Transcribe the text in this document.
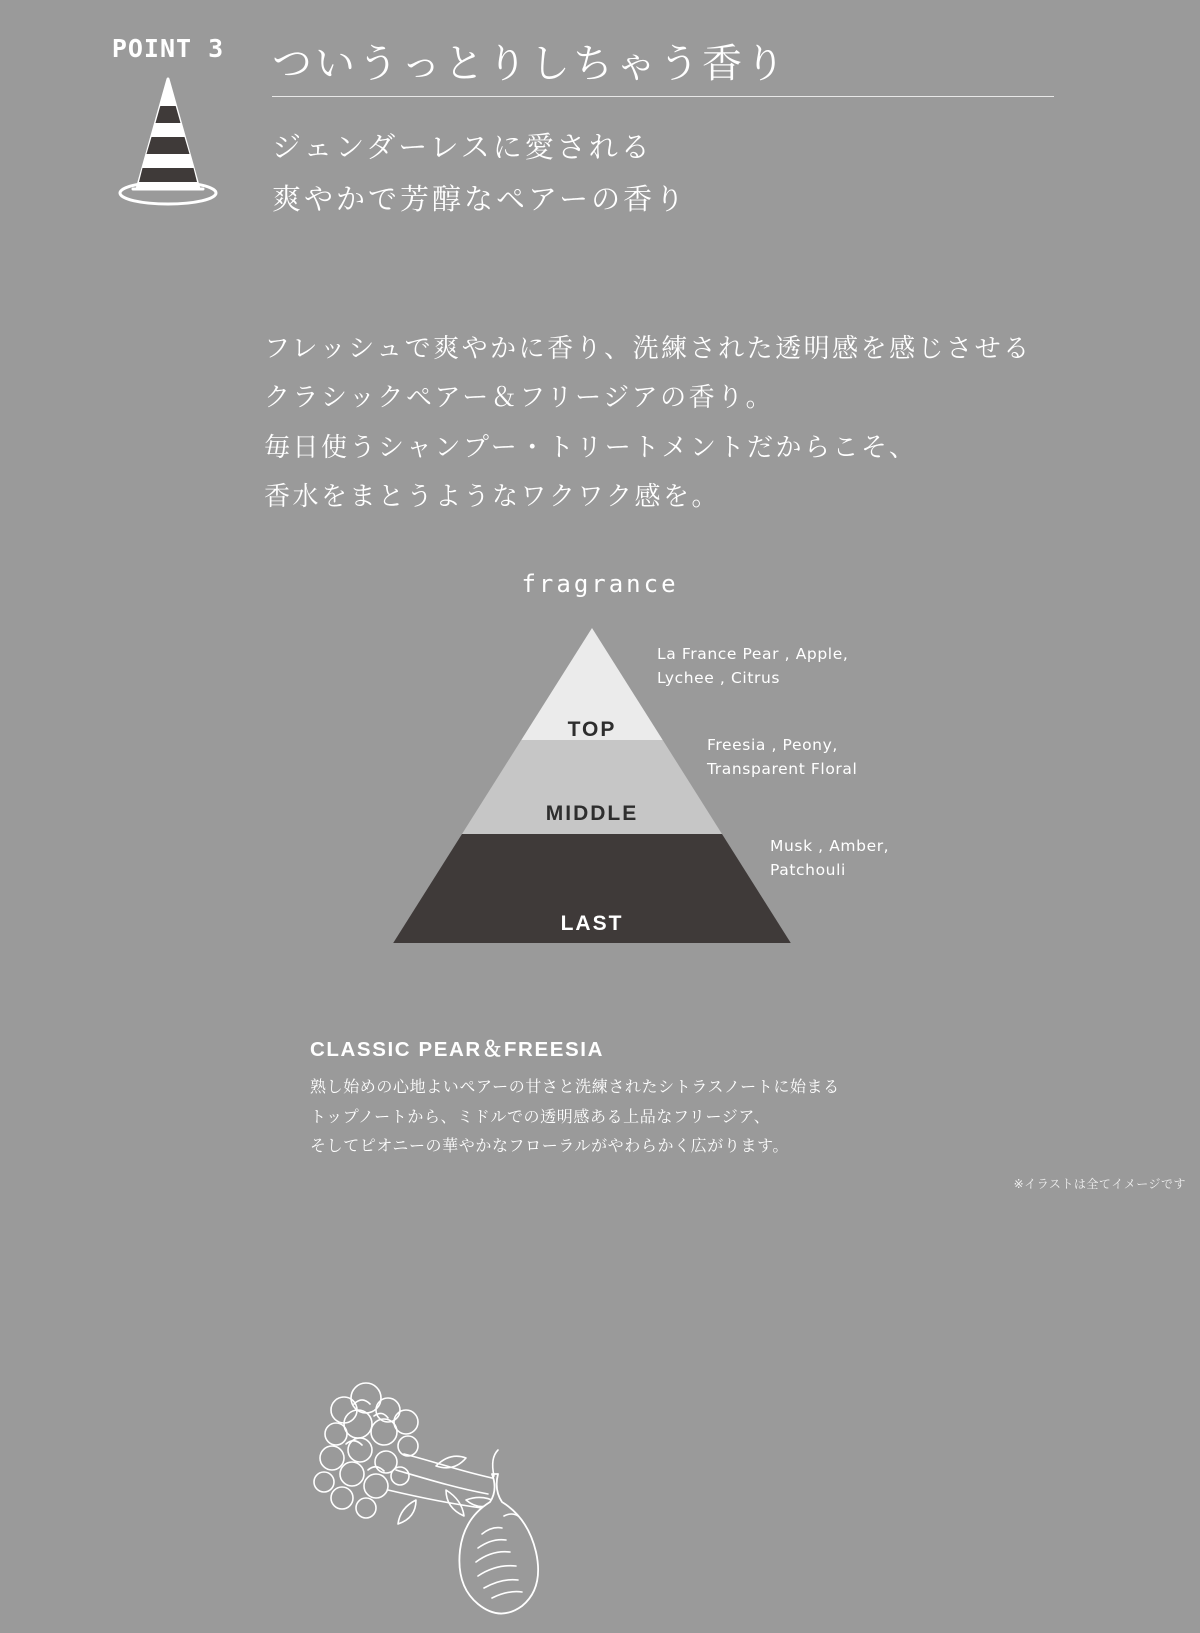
POINT 3	ついうっとりしちゃう香り
ジェンダーレスに愛される
爽やかで芳醇なペアーの香り
フレッシュで爽やかに香り、洗練された透明感を感じさせる
クラシックペアー＆フリージアの香り。
毎日使うシャンプー・トリートメントだからこそ、
香水をまとうようなワクワク感を。
fragrance
TOP
MIDDLE
LAST
La France Pear , Apple,
Lychee , Citrus
Freesia , Peony,
Transparent Floral
Musk , Amber,
Patchouli
CLASSIC PEAR＆FREESIA
熟し始めの心地よいペアーの甘さと洗練されたシトラスノートに始まる
トップノートから、ミドルでの透明感ある上品なフリージア、
そしてピオニーの華やかなフローラルがやわらかく広がります。
※イラストは全てイメージです
